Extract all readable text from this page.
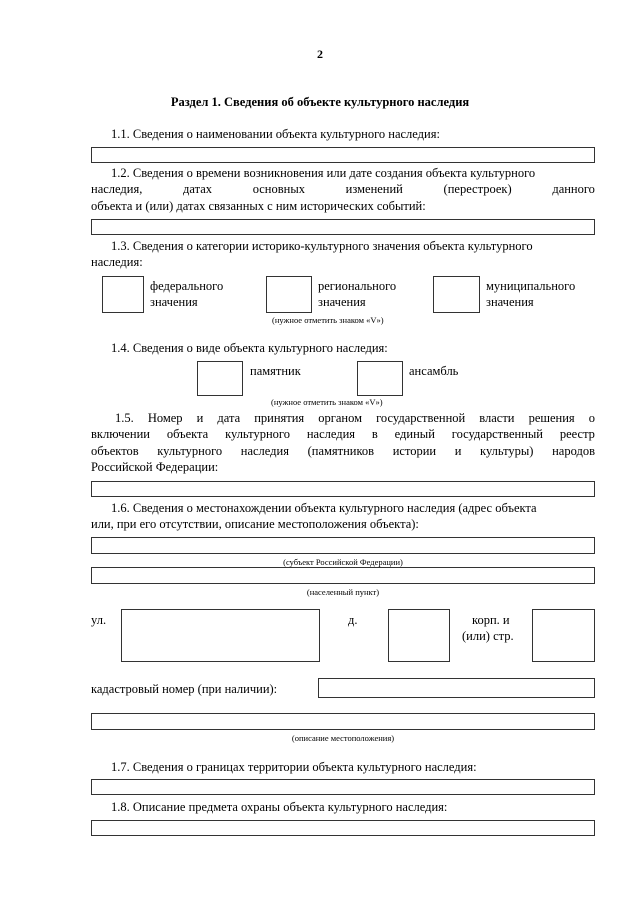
2
Раздел 1. Сведения об объекте культурного наследия
1.1. Сведения о наименовании объекта культурного наследия:
1.2. Сведения о времени возникновения или дате создания объекта культурного
наследия,	датах	основных	изменений	(перестроек)	данного
объекта и (или) датах связанных с ним исторических событий:
1.3. Сведения о категории историко-культурного значения объекта культурного
наследия:
федерального
значения
регионального
значения
муниципального
значения
(нужное отметить знаком «V»)
1.4. Сведения о виде объекта культурного наследия:
памятник	ансамбль
(нужное отметить знаком «V»)
1.5. Номер и дата принятия органом государственной власти решения о
включении объекта культурного наследия в единый государственный реестр
объектов культурного наследия (памятников истории и культуры) народов
Российской Федерации:
1.6. Сведения о местонахождении объекта культурного наследия (адрес объекта
или, при его отсутствии, описание местоположения объекта):
(субъект Российской Федерации)
(населенный пункт)
ул.	д.	корп. и
(или) стр.
кадастровый номер (при наличии):
(описание местоположения)
1.7. Сведения о границах территории объекта культурного наследия:
1.8. Описание предмета охраны объекта культурного наследия:
